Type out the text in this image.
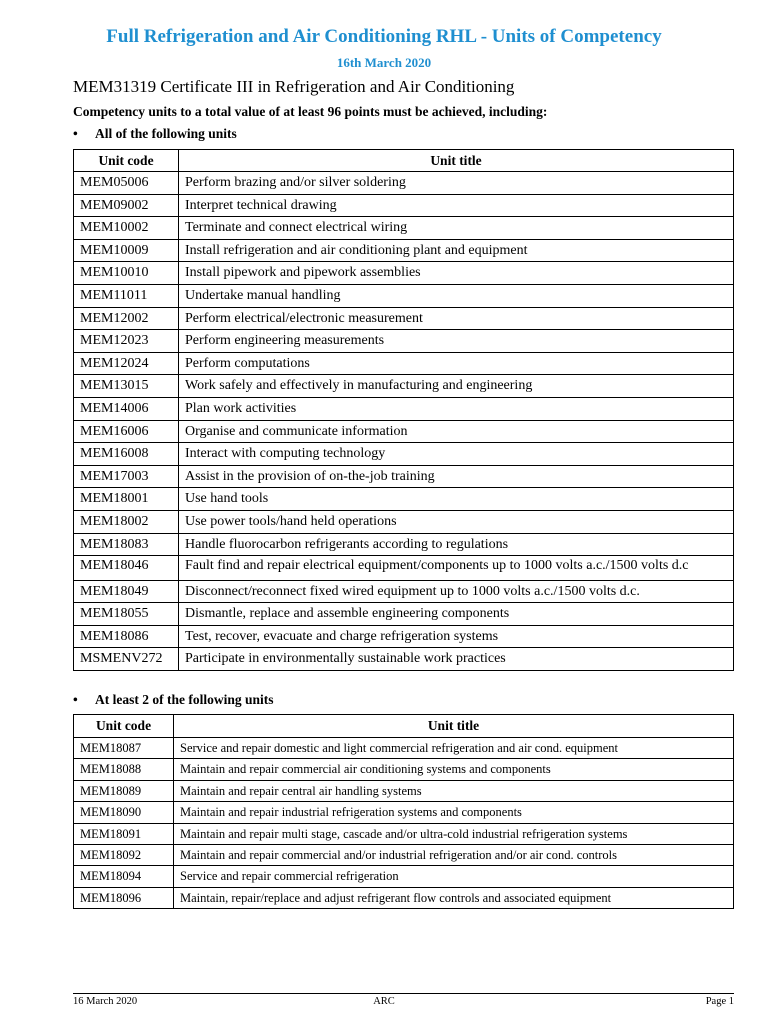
Full Refrigeration and Air Conditioning RHL - Units of Competency
16th March 2020
MEM31319 Certificate III in Refrigeration and Air Conditioning
Competency units to a total value of at least 96 points must be achieved, including:
• All of the following units
Unit code	Unit title
MEM05006	Perform brazing and/or silver soldering
MEM09002	Interpret technical drawing
MEM10002	Terminate and connect electrical wiring
MEM10009	Install refrigeration and air conditioning plant and equipment
MEM10010	Install pipework and pipework assemblies
MEM11011	Undertake manual handling
MEM12002	Perform electrical/electronic measurement
MEM12023	Perform engineering measurements
MEM12024	Perform computations
MEM13015	Work safely and effectively in manufacturing and engineering
MEM14006	Plan work activities
MEM16006	Organise and communicate information
MEM16008	Interact with computing technology
MEM17003	Assist in the provision of on-the-job training
MEM18001	Use hand tools
MEM18002	Use power tools/hand held operations
MEM18083	Handle fluorocarbon refrigerants according to regulations
MEM18046	Fault find and repair electrical equipment/components up to 1000 volts a.c./1500 volts d.c
MEM18049	Disconnect/reconnect fixed wired equipment up to 1000 volts a.c./1500 volts d.c.
MEM18055	Dismantle, replace and assemble engineering components
MEM18086	Test, recover, evacuate and charge refrigeration systems
MSMENV272	Participate in environmentally sustainable work practices
• At least 2 of the following units
Unit code	Unit title
MEM18087	Service and repair domestic and light commercial refrigeration and air cond. equipment
MEM18088	Maintain and repair commercial air conditioning systems and components
MEM18089	Maintain and repair central air handling systems
MEM18090	Maintain and repair industrial refrigeration systems and components
MEM18091	Maintain and repair multi stage, cascade and/or ultra-cold industrial refrigeration systems
MEM18092	Maintain and repair commercial and/or industrial refrigeration and/or air cond. controls
MEM18094	Service and repair commercial refrigeration
MEM18096	Maintain, repair/replace and adjust refrigerant flow controls and associated equipment
16 March 2020	ARC	Page 1
